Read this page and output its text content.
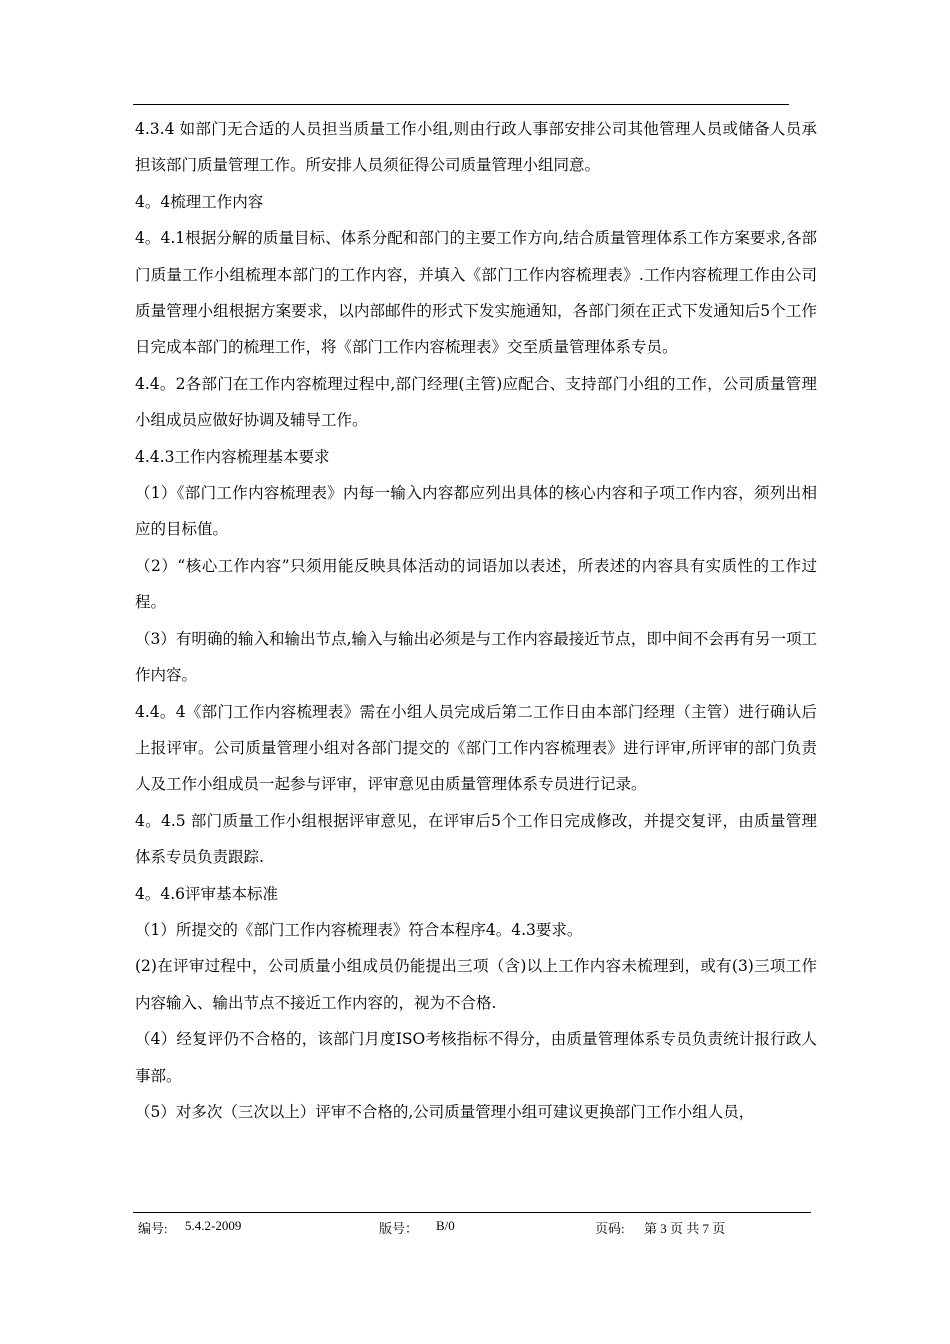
4.3.4 如部门无合适的人员担当质量工作小组,则由行政人事部安排公司其他管理人员或储备人员承担该部门质量管理工作。所安排人员须征得公司质量管理小组同意。

4。4梳理工作内容

4。4.1根据分解的质量目标、体系分配和部门的主要工作方向,结合质量管理体系工作方案要求,各部门质量工作小组梳理本部门的工作内容，并填入《部门工作内容梳理表》.工作内容梳理工作由公司质量管理小组根据方案要求，以内部邮件的形式下发实施通知，各部门须在正式下发通知后5个工作日完成本部门的梳理工作，将《部门工作内容梳理表》交至质量管理体系专员。

4.4。2各部门在工作内容梳理过程中,部门经理(主管)应配合、支持部门小组的工作，公司质量管理小组成员应做好协调及辅导工作。

4.4.3工作内容梳理基本要求

（1）《部门工作内容梳理表》内每一输入内容都应列出具体的核心内容和子项工作内容，须列出相应的目标值。

（2）“核心工作内容”只须用能反映具体活动的词语加以表述，所表述的内容具有实质性的工作过程。

（3）有明确的输入和输出节点,输入与输出必须是与工作内容最接近节点，即中间不会再有另一项工作内容。

4.4。4《部门工作内容梳理表》需在小组人员完成后第二工作日由本部门经理（主管）进行确认后上报评审。公司质量管理小组对各部门提交的《部门工作内容梳理表》进行评审,所评审的部门负责人及工作小组成员一起参与评审，评审意见由质量管理体系专员进行记录。

4。4.5 部门质量工作小组根据评审意见，在评审后5个工作日完成修改，并提交复评，由质量管理体系专员负责跟踪.

4。4.6评审基本标准

（1）所提交的《部门工作内容梳理表》符合本程序4。4.3要求。

(2)在评审过程中，公司质量小组成员仍能提出三项（含)以上工作内容未梳理到，或有(3)三项工作内容输入、输出节点不接近工作内容的，视为不合格.

（4）经复评仍不合格的，该部门月度ISO考核指标不得分，由质量管理体系专员负责统计报行政人事部。

（5）对多次（三次以上）评审不合格的,公司质量管理小组可建议更换部门工作小组人员，

编号: 5.4.2-2009	版号： B/0	页码: 第 3 页 共 7 页
